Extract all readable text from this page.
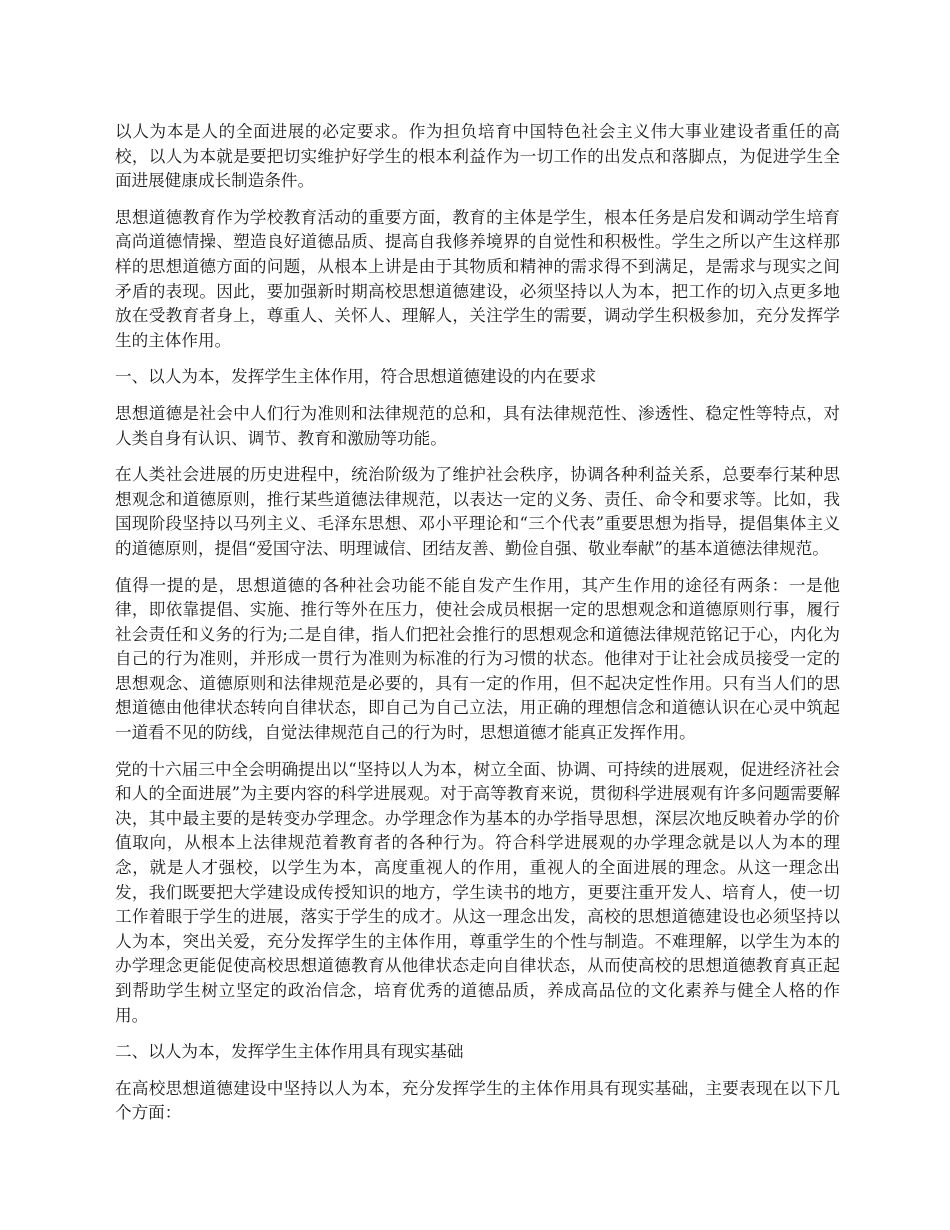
以人为本是人的全面进展的必定要求。作为担负培育中国特色社会主义伟大事业建设者重任的高校，以人为本就是要把切实维护好学生的根本利益作为一切工作的出发点和落脚点，为促进学生全面进展健康成长制造条件。

思想道德教育作为学校教育活动的重要方面，教育的主体是学生，根本任务是启发和调动学生培育高尚道德情操、塑造良好道德品质、提高自我修养境界的自觉性和积极性。学生之所以产生这样那样的思想道德方面的问题，从根本上讲是由于其物质和精神的需求得不到满足，是需求与现实之间矛盾的表现。因此，要加强新时期高校思想道德建设，必须坚持以人为本，把工作的切入点更多地放在受教育者身上，尊重人、关怀人、理解人，关注学生的需要，调动学生积极参加，充分发挥学生的主体作用。

一、以人为本，发挥学生主体作用，符合思想道德建设的内在要求

思想道德是社会中人们行为准则和法律规范的总和，具有法律规范性、渗透性、稳定性等特点，对人类自身有认识、调节、教育和激励等功能。

在人类社会进展的历史进程中，统治阶级为了维护社会秩序，协调各种利益关系，总要奉行某种思想观念和道德原则，推行某些道德法律规范，以表达一定的义务、责任、命令和要求等。比如，我国现阶段坚持以马列主义、毛泽东思想、邓小平理论和“三个代表”重要思想为指导，提倡集体主义的道德原则，提倡“爱国守法、明理诚信、团结友善、勤俭自强、敬业奉献”的基本道德法律规范。

值得一提的是，思想道德的各种社会功能不能自发产生作用，其产生作用的途径有两条：一是他律，即依靠提倡、实施、推行等外在压力，使社会成员根据一定的思想观念和道德原则行事，履行社会责任和义务的行为;二是自律，指人们把社会推行的思想观念和道德法律规范铭记于心，内化为自己的行为准则，并形成一贯行为准则为标准的行为习惯的状态。他律对于让社会成员接受一定的思想观念、道德原则和法律规范是必要的，具有一定的作用，但不起决定性作用。只有当人们的思想道德由他律状态转向自律状态，即自己为自己立法，用正确的理想信念和道德认识在心灵中筑起一道看不见的防线，自觉法律规范自己的行为时，思想道德才能真正发挥作用。

党的十六届三中全会明确提出以“坚持以人为本，树立全面、协调、可持续的进展观，促进经济社会和人的全面进展”为主要内容的科学进展观。对于高等教育来说，贯彻科学进展观有许多问题需要解决，其中最主要的是转变办学理念。办学理念作为基本的办学指导思想，深层次地反映着办学的价值取向，从根本上法律规范着教育者的各种行为。符合科学进展观的办学理念就是以人为本的理念，就是人才强校，以学生为本，高度重视人的作用，重视人的全面进展的理念。从这一理念出发，我们既要把大学建设成传授知识的地方，学生读书的地方，更要注重开发人、培育人，使一切工作着眼于学生的进展，落实于学生的成才。从这一理念出发，高校的思想道德建设也必须坚持以人为本，突出关爱，充分发挥学生的主体作用，尊重学生的个性与制造。不难理解，以学生为本的办学理念更能促使高校思想道德教育从他律状态走向自律状态，从而使高校的思想道德教育真正起到帮助学生树立坚定的政治信念，培育优秀的道德品质，养成高品位的文化素养与健全人格的作用。

二、以人为本，发挥学生主体作用具有现实基础

在高校思想道德建设中坚持以人为本，充分发挥学生的主体作用具有现实基础，主要表现在以下几个方面：
